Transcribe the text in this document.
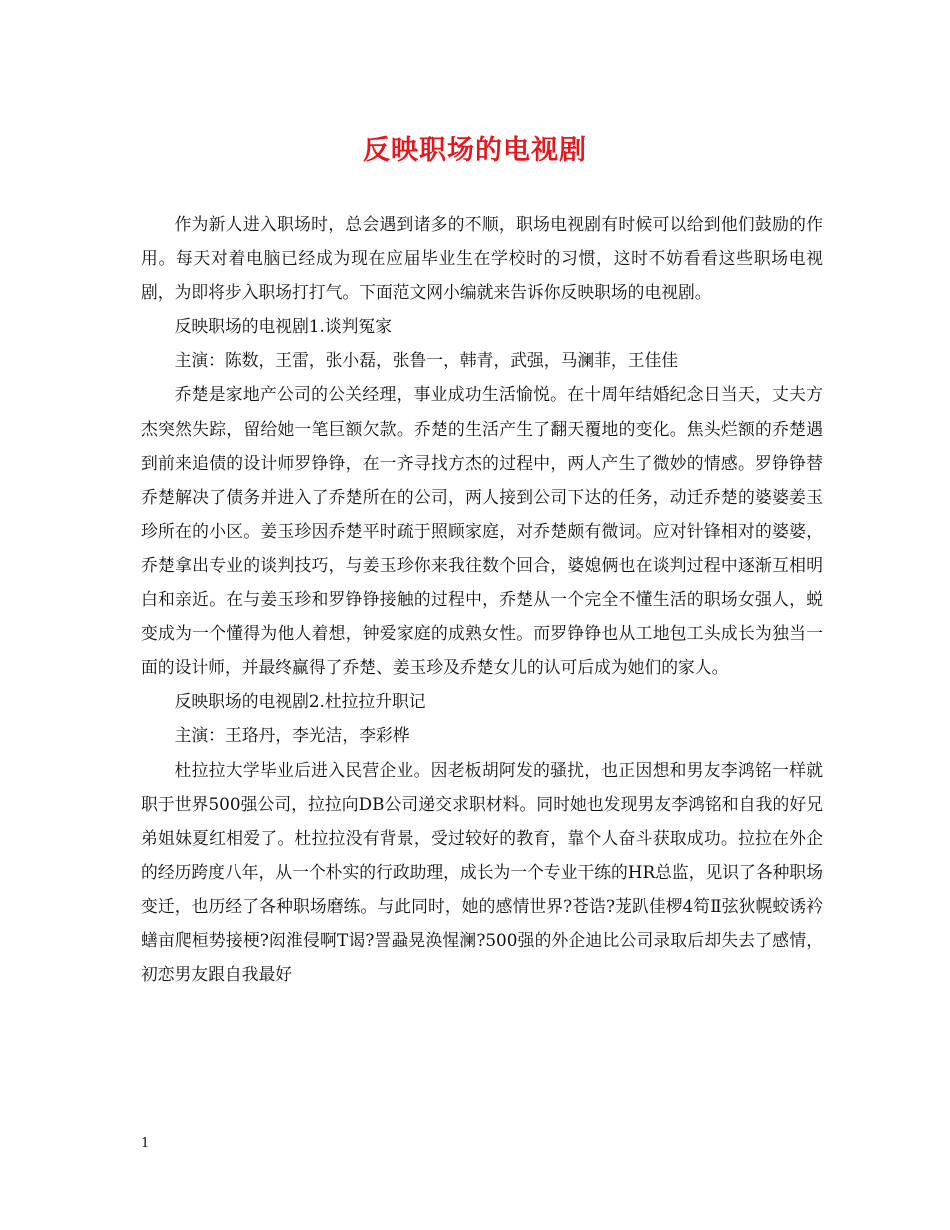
反映职场的电视剧

作为新人进入职场时，总会遇到诸多的不顺，职场电视剧有时候可以给到他们鼓励的作用。每天对着电脑已经成为现在应届毕业生在学校时的习惯，这时不妨看看这些职场电视剧，为即将步入职场打打气。下面范文网小编就来告诉你反映职场的电视剧。

反映职场的电视剧1.谈判冤家

主演：陈数，王雷，张小磊，张鲁一，韩青，武强，马澜菲，王佳佳

乔楚是家地产公司的公关经理，事业成功生活愉悦。在十周年结婚纪念日当天，丈夫方杰突然失踪，留给她一笔巨额欠款。乔楚的生活产生了翻天覆地的变化。焦头烂额的乔楚遇到前来追债的设计师罗铮铮，在一齐寻找方杰的过程中，两人产生了微妙的情感。罗铮铮替乔楚解决了债务并进入了乔楚所在的公司，两人接到公司下达的任务，动迁乔楚的婆婆姜玉珍所在的小区。姜玉珍因乔楚平时疏于照顾家庭，对乔楚颇有微词。应对针锋相对的婆婆，乔楚拿出专业的谈判技巧，与姜玉珍你来我往数个回合，婆媳俩也在谈判过程中逐渐互相明白和亲近。在与姜玉珍和罗铮铮接触的过程中，乔楚从一个完全不懂生活的职场女强人，蜕变成为一个懂得为他人着想，钟爱家庭的成熟女性。而罗铮铮也从工地包工头成长为独当一面的设计师，并最终赢得了乔楚、姜玉珍及乔楚女儿的认可后成为她们的家人。

反映职场的电视剧2.杜拉拉升职记

主演：王珞丹，李光洁，李彩桦

杜拉拉大学毕业后进入民营企业。因老板胡阿发的骚扰，也正因想和男友李鸿铭一样就职于世界500强公司，拉拉向DB公司递交求职材料。同时她也发现男友李鸿铭和自我的好兄弟姐妹夏红相爱了。杜拉拉没有背景，受过较好的教育，靠个人奋斗获取成功。拉拉在外企的经历跨度八年，从一个朴实的行政助理，成长为一个专业干练的HR总监，见识了各种职场变迁，也历经了各种职场磨练。与此同时，她的感情世界?苍诰?茏趴佳椤4笱Ⅱ弦狄幌蛟诱衿蟮亩爬桓势接梗?闳淮侵啊T谒?詈蝨晃涣惺澜?500强的外企迪比公司录取后却失去了感情，初恋男友跟自我最好

1
